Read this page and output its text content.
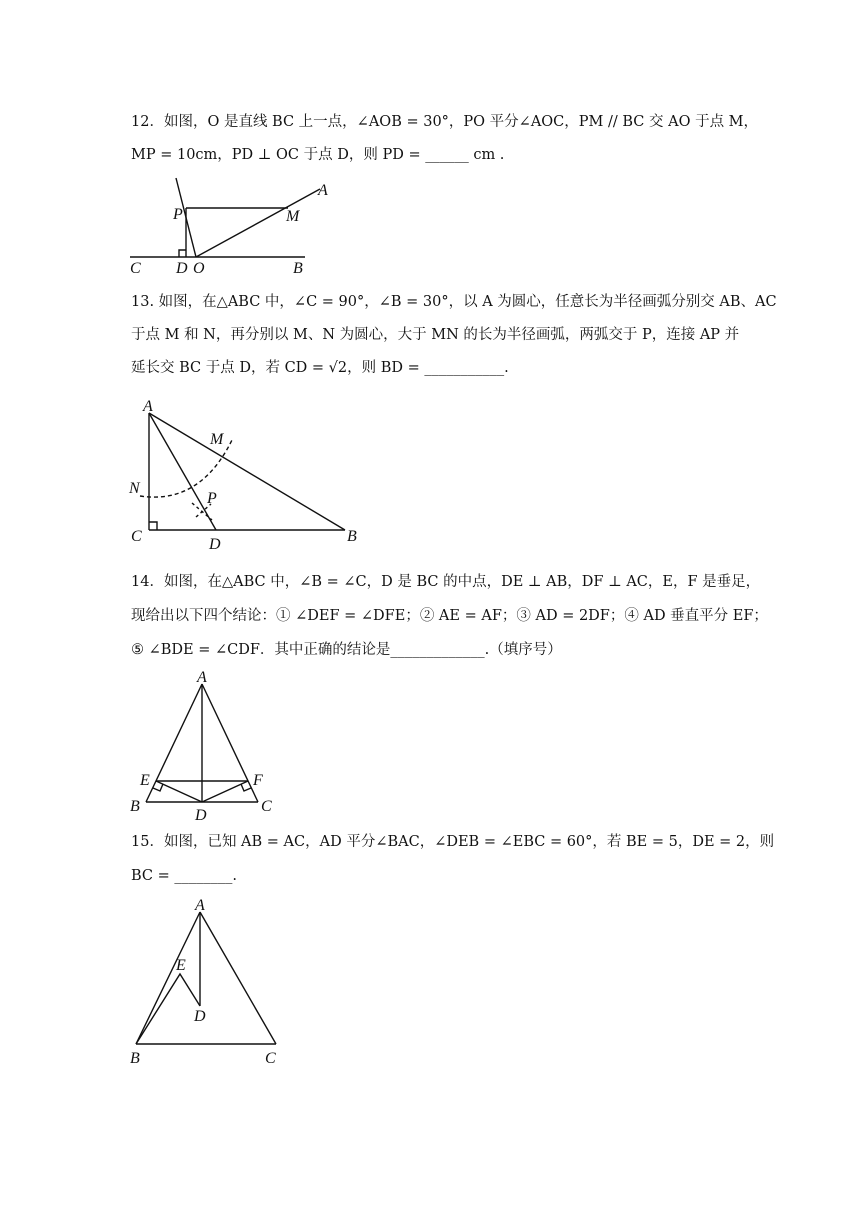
12．如图，O 是直线 BC 上一点，∠AOB = 30°，PO 平分∠AOC，PM // BC 交 AO 于点 M，
MP = 10cm，PD ⊥ OC 于点 D，则 PD = ______ cm .
A
P	M
C D O	B
13. 如图，在△ABC 中，∠C = 90°，∠B = 30°，以 A 为圆心，任意长为半径画弧分别交 AB、AC
于点 M 和 N，再分别以 M、N 为圆心，大于 MN 的长为半径画弧，两弧交于 P，连接 AP 并
延长交 BC 于点 D，若 CD = √2，则 BD = ___________.
A
M
N
P
C	D	B
14．如图，在△ABC 中，∠B = ∠C，D 是 BC 的中点，DE ⊥ AB，DF ⊥ AC，E，F 是垂足，
现给出以下四个结论：① ∠DEF = ∠DFE；② AE = AF；③ AD = 2DF；④ AD 垂直平分 EF；
⑤ ∠BDE = ∠CDF．其中正确的结论是_____________.（填序号）
A
E	F
B
D
C
15．如图，已知 AB = AC，AD 平分∠BAC，∠DEB = ∠EBC = 60°，若 BE = 5，DE = 2，则
BC = ________.
A
E
D
B	C
